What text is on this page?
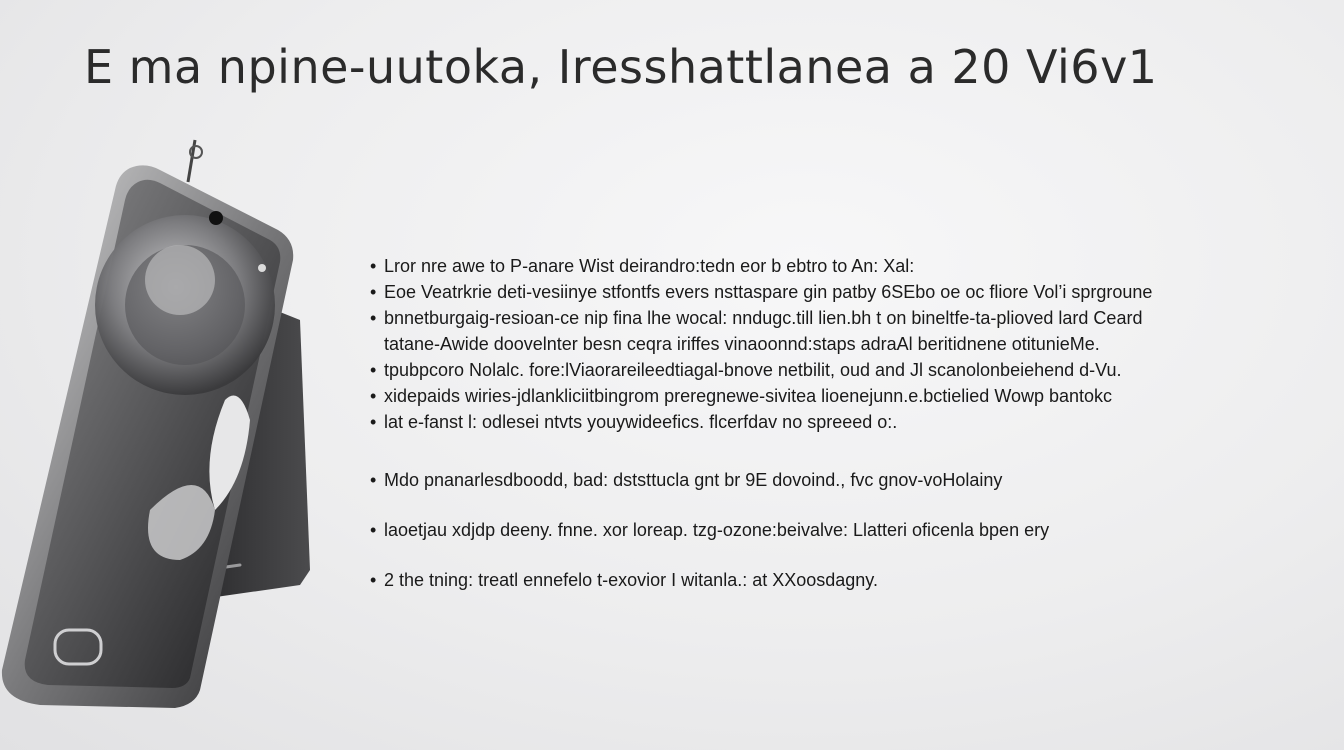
E ma npine-uutoka, Iresshattlanea a 20 Vi6v1
• Lror nre awe to P-anare Wist deirandro:tedn eor b ebtro to An: Xal:
• Eoe Veatrkrie deti-vesiinye stfontfs evers nsttaspare gin patby 6SEbo oe oc fliore Vol’i sprgroune
• bnnetburgaig-resioan-ce nip fina lhe wocal: nndugc.till lien.bh t on bineltfe-ta-plioved lard Ceard
tatane-Awide doovelnter besn ceqra iriffes vinaoonnd:staps adraAl beritidnene otitunieMe.
• tpubpcoro Nolalc. fore:lViaorareileedtiagal-bnove netbilit, oud and Jl scanolonbeiehend d-Vu.
• xidepaids wiries-jdlankliciitbingrom preregnewe-sivitea lioenejunn.e.bctielied Wowp bantokc
• lat e-fanst l: odlesei ntvts youywideefics. flcerfdav no spreeed o:.
• Mdo pnanarlesdboodd, bad: dststtucla gnt br 9E dovoind., fvc gnov-voHolainy
• laoetjau xdjdp deeny. fnne. xor loreap. tzg-ozone:beivalve: Llatteri oficenla bpen ery
• 2 the tning: treatl ennefelo t-exovior I witanla.: at XXoosdagny.
